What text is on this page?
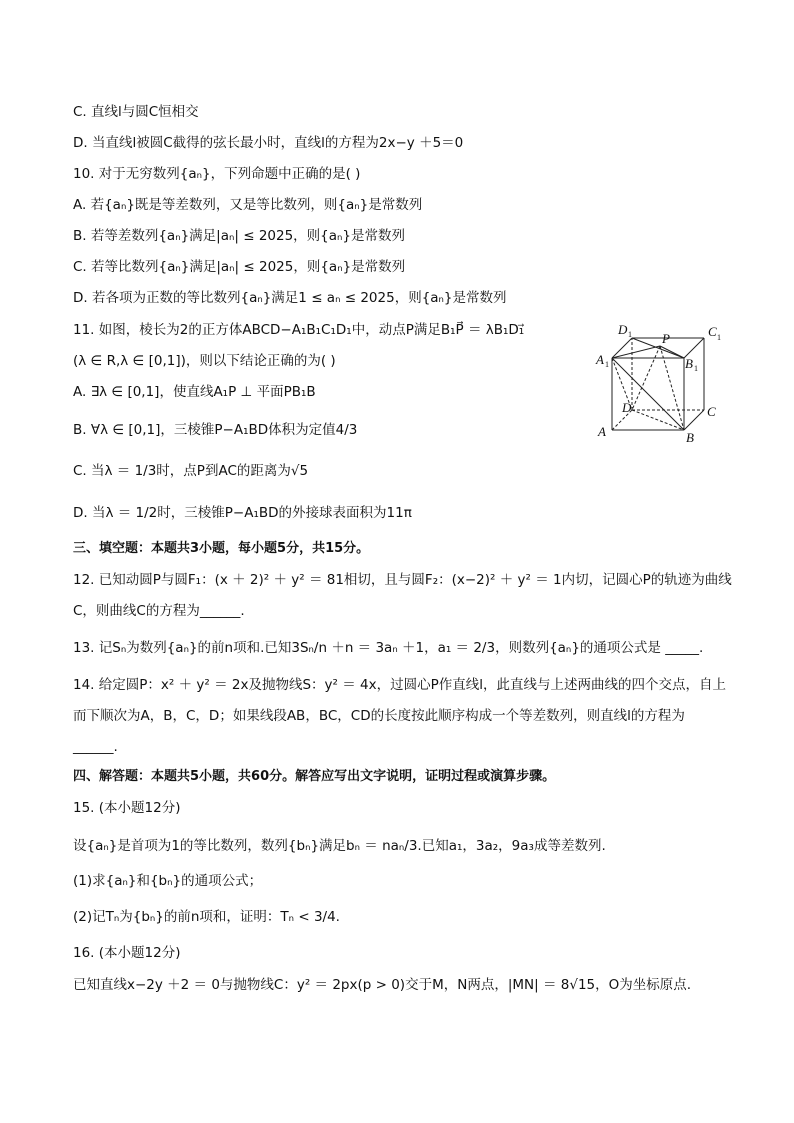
C. 直线l与圆C恒相交
D. 当直线l被圆C截得的弦长最小时，直线l的方程为2x−y ＋5＝0
10. 对于无穷数列{aₙ}，下列命题中正确的是( )
A. 若{aₙ}既是等差数列，又是等比数列，则{aₙ}是常数列
B. 若等差数列{aₙ}满足|aₙ| ≤ 2025，则{aₙ}是常数列
C. 若等比数列{aₙ}满足|aₙ| ≤ 2025，则{aₙ}是常数列
D. 若各项为正数的等比数列{aₙ}满足1 ≤ aₙ ≤ 2025，则{aₙ}是常数列
11. 如图，棱长为2的正方体ABCD−A₁B₁C₁D₁中，动点P满足B₁P⃗ ＝ λB₁D₁⃗
(λ ∈ R,λ ∈ [0,1])，则以下结论正确的为( )
A. ∃λ ∈ [0,1]，使直线A₁P ⊥ 平面PB₁B
B. ∀λ ∈ [0,1]，三棱锥P−A₁BD体积为定值4/3
C. 当λ ＝ 1/3时，点P到AC的距离为√5
D. 当λ ＝ 1/2时，三棱锥P−A₁BD的外接球表面积为11π
三、填空题：本题共3小题，每小题5分，共15分。
12. 已知动圆P与圆F₁：(x ＋ 2)² ＋ y² ＝ 81相切，且与圆F₂：(x−2)² ＋ y² ＝ 1内切，记圆心P的轨迹为曲线
C，则曲线C的方程为______.
13. 记Sₙ为数列{aₙ}的前n项和.已知3Sₙ/n ＋n ＝ 3aₙ ＋1，a₁ ＝ 2/3，则数列{aₙ}的通项公式是 _____.
14. 给定圆P：x² ＋ y² ＝ 2x及抛物线S：y² ＝ 4x，过圆心P作直线l，此直线与上述两曲线的四个交点，自上
而下顺次为A，B，C，D；如果线段AB，BC，CD的长度按此顺序构成一个等差数列，则直线l的方程为
______.
四、解答题：本题共5小题，共60分。解答应写出文字说明，证明过程或演算步骤。
15. (本小题12分)
设{aₙ}是首项为1的等比数列，数列{bₙ}满足bₙ ＝ naₙ/3.已知a₁，3a₂，9a₃成等差数列.
(1)求{aₙ}和{bₙ}的通项公式；
(2)记Tₙ为{bₙ}的前n项和，证明：Tₙ < 3/4.
16. (本小题12分)
已知直线x−2y ＋2 ＝ 0与抛物线C：y² ＝ 2px(p > 0)交于M，N两点，|MN| ＝ 8√15，O为坐标原点.
D 1	C 1
A 1	B 1
P
B
D	C
A
